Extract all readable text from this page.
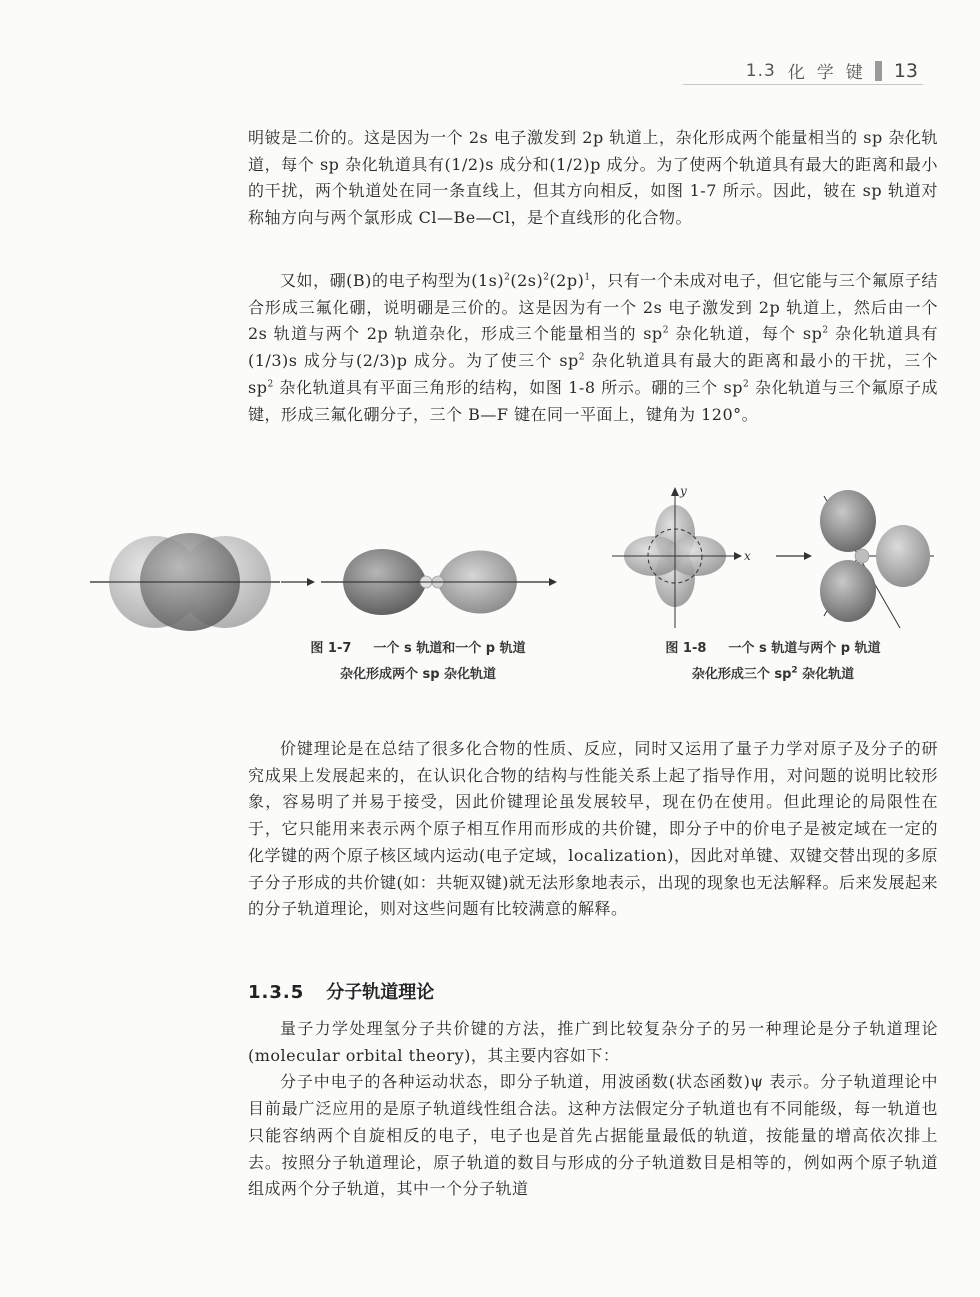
1.3 化学键 13

明铍是二价的。这是因为一个 2s 电子激发到 2p 轨道上，杂化形成两个能量相当的 sp 杂化轨道，每个 sp 杂化轨道具有(1/2)s 成分和(1/2)p 成分。为了使两个轨道具有最大的距离和最小的干扰，两个轨道处在同一条直线上，但其方向相反，如图 1-7 所示。因此，铍在 sp 轨道对称轴方向与两个氯形成 Cl—Be—Cl，是个直线形的化合物。

又如，硼(B)的电子构型为$(1s)^2(2s)^2(2p)^1$，只有一个未成对电子，但它能与三个氟原子结合形成三氟化硼，说明硼是三价的。这是因为有一个 2s 电子激发到 2p 轨道上，然后由一个 2s 轨道与两个 2p 轨道杂化，形成三个能量相当的 $sp^2$ 杂化轨道，每个 $sp^2$ 杂化轨道具有(1/3)s 成分与(2/3)p 成分。为了使三个 $sp^2$ 杂化轨道具有最大的距离和最小的干扰，三个 $sp^2$ 杂化轨道具有平面三角形的结构，如图 1-8 所示。硼的三个 $sp^2$ 杂化轨道与三个氟原子成键，形成三氟化硼分子，三个 B—F 键在同一平面上，键角为 120°。

y
x
图 1-7 一个 s 轨道和一个 p 轨道
杂化形成两个 sp 杂化轨道
图 1-8 一个 s 轨道与两个 p 轨道
杂化形成三个 $sp^2$ 杂化轨道

价键理论是在总结了很多化合物的性质、反应，同时又运用了量子力学对原子及分子的研究成果上发展起来的，在认识化合物的结构与性能关系上起了指导作用，对问题的说明比较形象，容易明了并易于接受，因此价键理论虽发展较早，现在仍在使用。但此理论的局限性在于，它只能用来表示两个原子相互作用而形成的共价键，即分子中的价电子是被定域在一定的化学键的两个原子核区域内运动(电子定域，localization)，因此对单键、双键交替出现的多原子分子形成的共价键(如：共轭双键)就无法形象地表示，出现的现象也无法解释。后来发展起来的分子轨道理论，则对这些问题有比较满意的解释。

1.3.5 分子轨道理论

量子力学处理氢分子共价键的方法，推广到比较复杂分子的另一种理论是分子轨道理论(molecular orbital theory)，其主要内容如下：

分子中电子的各种运动状态，即分子轨道，用波函数(状态函数)ψ 表示。分子轨道理论中目前最广泛应用的是原子轨道线性组合法。这种方法假定分子轨道也有不同能级，每一轨道也只能容纳两个自旋相反的电子，电子也是首先占据能量最低的轨道，按能量的增高依次排上去。按照分子轨道理论，原子轨道的数目与形成的分子轨道数目是相等的，例如两个原子轨道组成两个分子轨道，其中一个分子轨道
